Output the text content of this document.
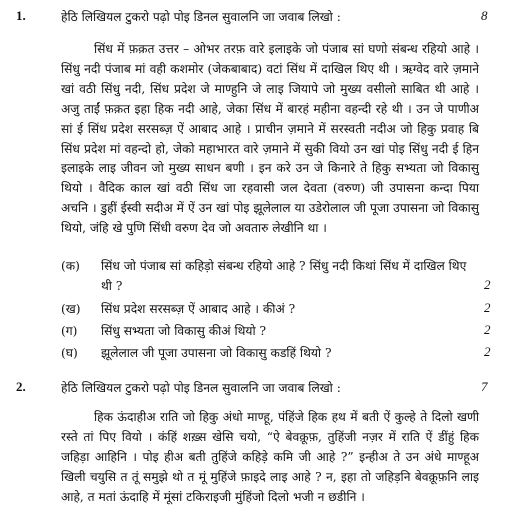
1.	हेठि लिखियल टुकरो पढ़ो पोइ डिनल सुवालनि जा जवाब लिखो :	8

सिंध में फ़क़त उत्तर – ओभर तरफ़ वारे इलाइके जो पंजाब सां घणो संबन्ध रहियो आहे । सिंधु नदी पंजाब मां वही कशमोर (जेकबाबाद) वटां सिंध में दाखिल थिए थी । ऋग्वेद वारे ज़माने खां वठी सिंधु नदी, सिंध प्रदेश जे माण्हुनि जे लाइ जियापे जो मुख्य वसीलो साबित थी आहे । अजु ताईं फ़क़त इहा हिक नदी आहे, जेका सिंध में बारहं महीना वहन्दी रहे थी । उन जे पाणीअ सां ई सिंध प्रदेश सरसब्ज़ ऐं आबाद आहे । प्राचीन ज़माने में सरस्वती नदीअ जो हिकु प्रवाह बि सिंध प्रदेश मां वहन्दो हो, जेको महाभारत वारे ज़माने में सुकी वियो उन खां पोइ सिंधु नदी ई हिन इलाइके लाइ जीवन जो मुख्य साधन बणी । इन करे उन जे किनारे ते हिकु सभ्यता जो विकासु थियो । वैदिक काल खां वठी सिंध जा रहवासी जल देवता (वरुण) जी उपासना कन्दा पिया अचनि । डुहीं ईस्वी सदीअ में ऐं उन खां पोइ झूलेलाल या उडेरोलाल जी पूजा उपासना जो विकासु थियो, जंहि खे पुणि सिंधी वरुण देव जो अवतारु लेखीनि था ।

(क) सिंध जो पंजाब सां कहिड़ो संबन्ध रहियो आहे ? सिंधु नदी किथां सिंध में दाखिल थिए थी ?	2
(ख) सिंध प्रदेश सरसब्ज़ ऐं आबाद आहे । कीअं ?	2
(ग) सिंधु सभ्यता जो विकासु कीअं थियो ?	2
(घ) झूलेलाल जी पूजा उपासना जो विकासु कडहिं थियो ?	2
2.	हेठि लिखियल टुकरो पढ़ो पोइ डिनल सुवालनि जा जवाब लिखो :	7

हिक ऊंदाहीअ राति जो हिकु अंधो माण्हू, पंहिंजे हिक हथ में बती ऐं कुल्हे ते दिलो खणी रस्ते तां पिए वियो । कंहिं शख़्स खेसि चयो, “ऐ बेवक़ूफ़, तुहिंजी नज़र में राति ऐं डींहुं हिक जहिड़ा आहिनि । पोइ हीअ बती तुहिंजे कहिड़े कमि जी आहे ?” इन्हीअ ते उन अंधे माण्हूअ खिली चयुसि त तूं समुझे थो त मूं मुहिंजे फ़ाइदे लाइ आहे ? न, इहा तो जहिड़नि बेवक़ूफ़नि लाइ आहे, त मतां ऊंदाहि में मूंसां टकिराइजी मुंहिंजो दिलो भजी न छडीनि ।
